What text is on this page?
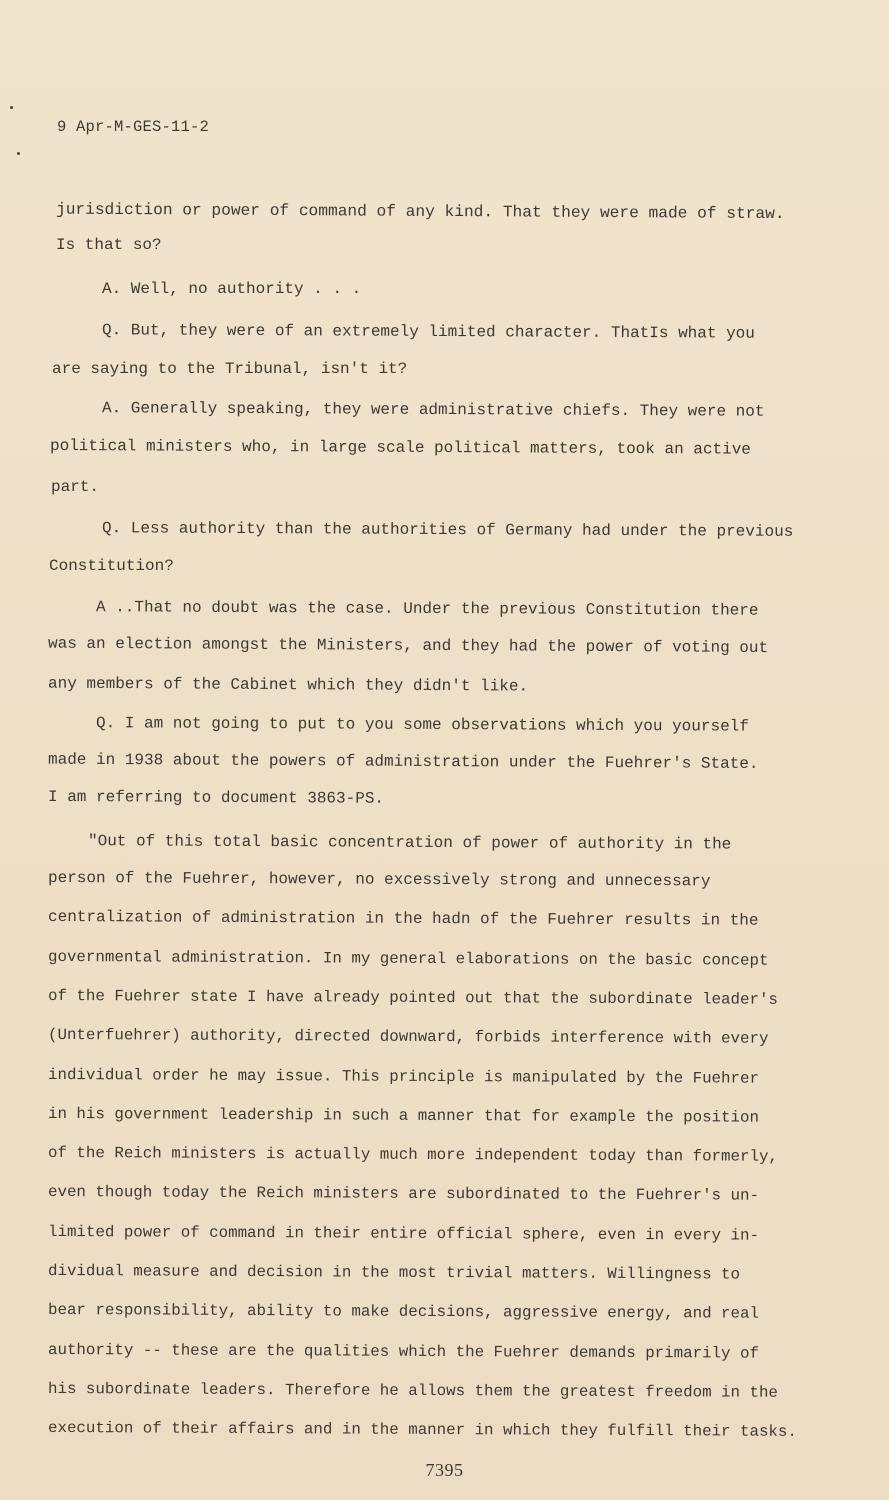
9 Apr-M-GES-11-2
jurisdiction or power of command of any kind. That they were made of straw.
Is that so?
A. Well, no authority . . .
Q. But, they were of an extremely limited character. ThatIs what you
are saying to the Tribunal, isn't it?
A. Generally speaking, they were administrative chiefs. They were not
political ministers who, in large scale political matters, took an active
part.
Q. Less authority than the authorities of Germany had under the previous
Constitution?
A ..That no doubt was the case. Under the previous Constitution there
was an election amongst the Ministers, and they had the power of voting out
any members of the Cabinet which they didn't like.
Q. I am not going to put to you some observations which you yourself
made in 1938 about the powers of administration under the Fuehrer's State.
I am referring to document 3863-PS.
"Out of this total basic concentration of power of authority in the
person of the Fuehrer, however, no excessively strong and unnecessary
centralization of administration in the hadn of the Fuehrer results in the
governmental administration. In my general elaborations on the basic concept
of the Fuehrer state I have already pointed out that the subordinate leader's
(Unterfuehrer) authority, directed downward, forbids interference with every
individual order he may issue. This principle is manipulated by the Fuehrer
in his government leadership in such a manner that for example the position
of the Reich ministers is actually much more independent today than formerly,
even though today the Reich ministers are subordinated to the Fuehrer's un-
limited power of command in their entire official sphere, even in every in-
dividual measure and decision in the most trivial matters. Willingness to
bear responsibility, ability to make decisions, aggressive energy, and real
authority -- these are the qualities which the Fuehrer demands primarily of
his subordinate leaders. Therefore he allows them the greatest freedom in the
execution of their affairs and in the manner in which they fulfill their tasks.
7395
